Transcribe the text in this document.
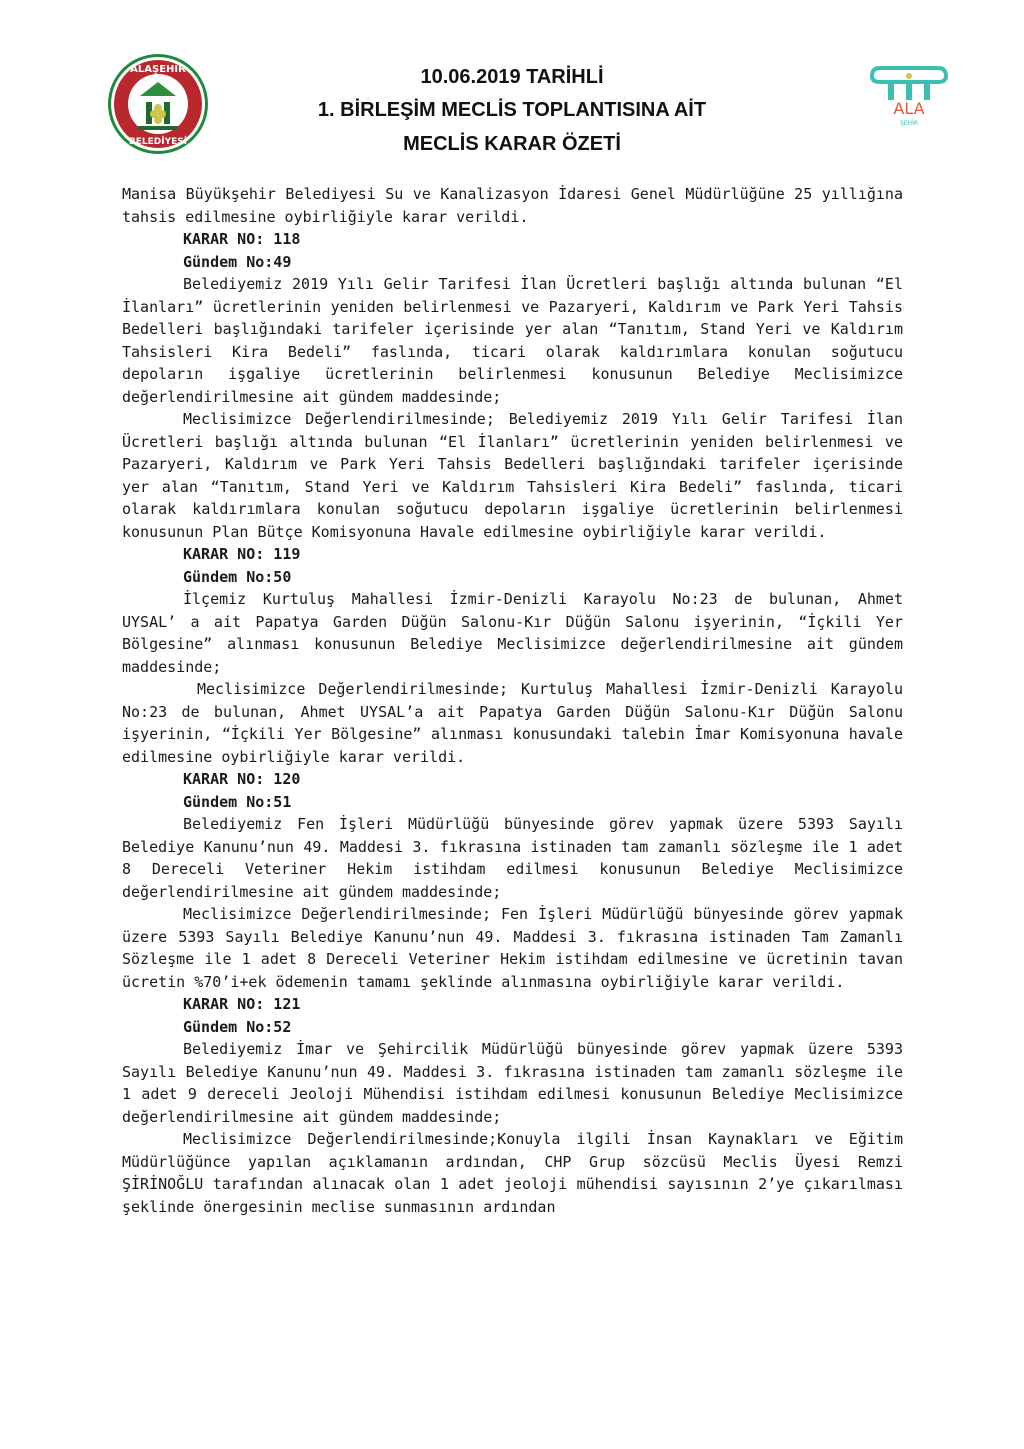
ALAŞEHİR
BELEDİYESİ
10.06.2019 TARİHLİ
1. BİRLEŞİM MECLİS TOPLANTISINA AİT
MECLİS KARAR ÖZETİ
ALA
ŞEHİR

Manisa Büyükşehir Belediyesi Su ve Kanalizasyon İdaresi Genel Müdürlüğüne 25 yıllığına tahsis edilmesine oybirliğiyle karar verildi.

KARAR NO: 118

Gündem No:49

Belediyemiz 2019 Yılı Gelir Tarifesi İlan Ücretleri başlığı altında bulunan “El İlanları” ücretlerinin yeniden belirlenmesi ve Pazaryeri, Kaldırım ve Park Yeri Tahsis Bedelleri başlığındaki tarifeler içerisinde yer alan “Tanıtım, Stand Yeri ve Kaldırım Tahsisleri Kira Bedeli” faslında, ticari olarak kaldırımlara konulan soğutucu depoların işgaliye ücretlerinin belirlenmesi konusunun Belediye Meclisimizce değerlendirilmesine ait gündem maddesinde;

Meclisimizce Değerlendirilmesinde; Belediyemiz 2019 Yılı Gelir Tarifesi İlan Ücretleri başlığı altında bulunan “El İlanları” ücretlerinin yeniden belirlenmesi ve Pazaryeri, Kaldırım ve Park Yeri Tahsis Bedelleri başlığındaki tarifeler içerisinde yer alan “Tanıtım, Stand Yeri ve Kaldırım Tahsisleri Kira Bedeli” faslında, ticari olarak kaldırımlara konulan soğutucu depoların işgaliye ücretlerinin belirlenmesi konusunun Plan Bütçe Komisyonuna Havale edilmesine oybirliğiyle karar verildi.

KARAR NO: 119

Gündem No:50

İlçemiz Kurtuluş Mahallesi İzmir-Denizli Karayolu No:23 de bulunan, Ahmet UYSAL’ a ait Papatya Garden Düğün Salonu-Kır Düğün Salonu işyerinin, “İçkili Yer Bölgesine” alınması konusunun Belediye Meclisimizce değerlendirilmesine ait gündem maddesinde;

Meclisimizce Değerlendirilmesinde; Kurtuluş Mahallesi İzmir-Denizli Karayolu No:23 de bulunan, Ahmet UYSAL’a ait Papatya Garden Düğün Salonu-Kır Düğün Salonu işyerinin, “İçkili Yer Bölgesine” alınması konusundaki talebin İmar Komisyonuna havale edilmesine oybirliğiyle karar verildi.

KARAR NO: 120

Gündem No:51

Belediyemiz Fen İşleri Müdürlüğü bünyesinde görev yapmak üzere 5393 Sayılı Belediye Kanunu’nun 49. Maddesi 3. fıkrasına istinaden tam zamanlı sözleşme ile 1 adet 8 Dereceli Veteriner Hekim istihdam edilmesi konusunun Belediye Meclisimizce değerlendirilmesine ait gündem maddesinde;

Meclisimizce Değerlendirilmesinde; Fen İşleri Müdürlüğü bünyesinde görev yapmak üzere 5393 Sayılı Belediye Kanunu’nun 49. Maddesi 3. fıkrasına istinaden Tam Zamanlı Sözleşme ile 1 adet 8 Dereceli Veteriner Hekim istihdam edilmesine ve ücretinin tavan ücretin %70’i+ek ödemenin tamamı şeklinde alınmasına oybirliğiyle karar verildi.

KARAR NO: 121

Gündem No:52

Belediyemiz İmar ve Şehircilik Müdürlüğü bünyesinde görev yapmak üzere 5393 Sayılı Belediye Kanunu’nun 49. Maddesi 3. fıkrasına istinaden tam zamanlı sözleşme ile 1 adet 9 dereceli Jeoloji Mühendisi istihdam edilmesi konusunun Belediye Meclisimizce değerlendirilmesine ait gündem maddesinde;

Meclisimizce Değerlendirilmesinde;Konuyla ilgili İnsan Kaynakları ve Eğitim Müdürlüğünce yapılan açıklamanın ardından, CHP Grup sözcüsü Meclis Üyesi Remzi ŞİRİNOĞLU tarafından alınacak olan 1 adet jeoloji mühendisi sayısının 2’ye çıkarılması şeklinde önergesinin meclise sunmasının ardından
